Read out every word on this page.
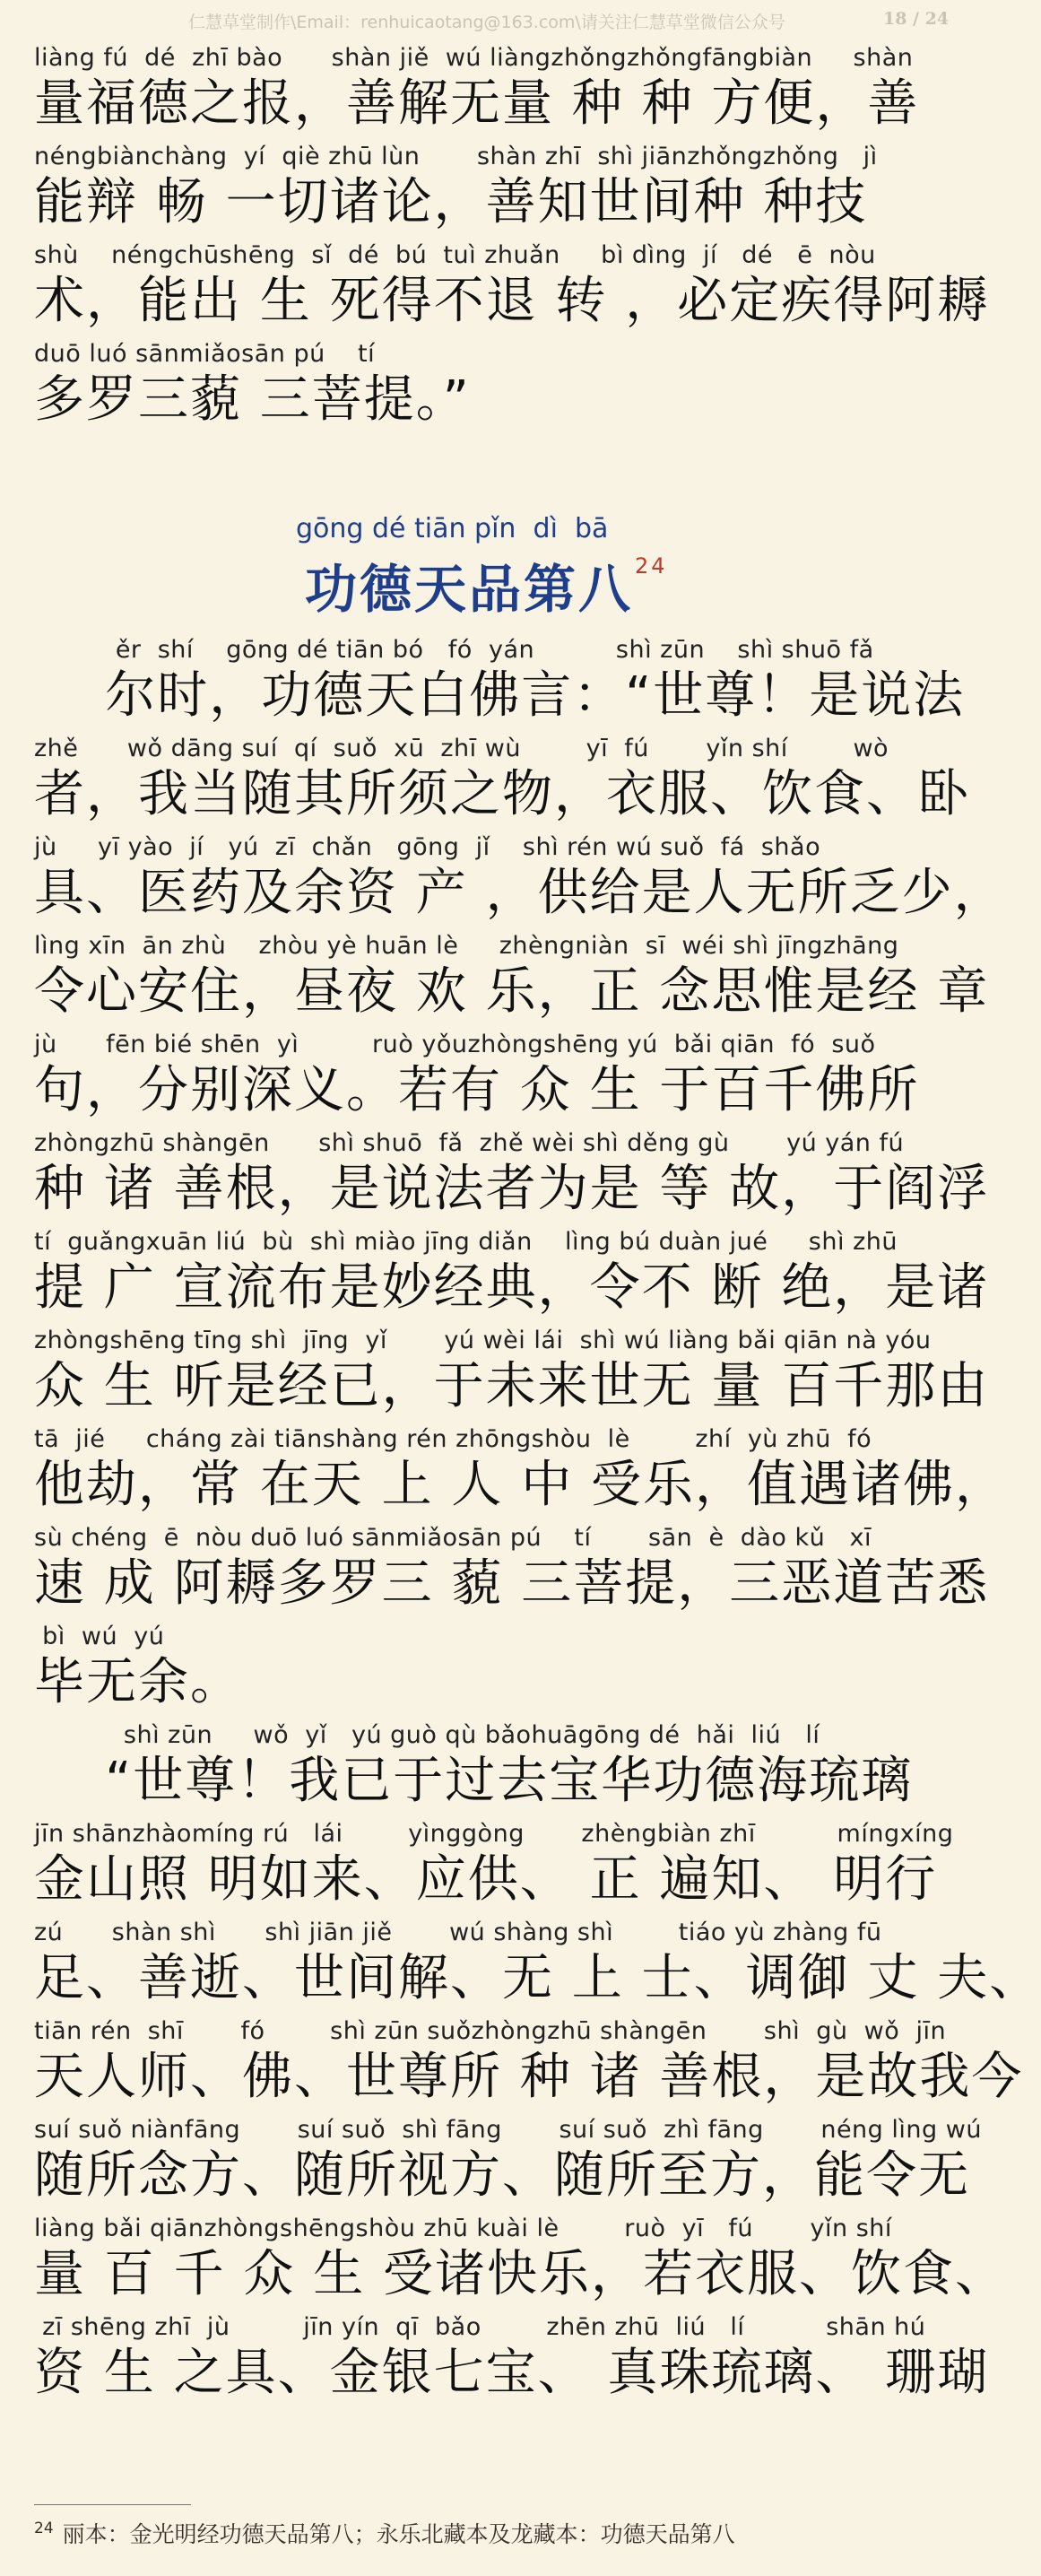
仁慧草堂制作\Email：renhuicaotang@163.com\请关注仁慧草堂微信公众号	18 / 24
liàng fú  dé  zhī bào      shàn jiě  wú liàngzhǒngzhǒngfāngbiàn     shàn
量福德之报，善解无量 种 种 方便，善
néngbiànchàng  yí  qiè zhū lùn       shàn zhī  shì jiānzhǒngzhǒng   jì
能辩 畅 一切诸论，善知世间种 种技
shù    néngchūshēng  sǐ  dé  bú  tuì zhuǎn     bì dìng  jí   dé   ē  nòu
术，能出 生 死得不退 转 ，必定疾得阿耨
duō luó sānmiǎosān pú    tí
多罗三藐 三菩提。”
gōng dé tiān pǐn  dì  bā
功德天品第八$^{24}$
ěr  shí    gōng dé tiān bó   fó  yán          shì zūn    shì shuō fǎ
尔时，功德天白佛言：“世尊！是说法
zhě      wǒ dāng suí  qí  suǒ  xū  zhī wù        yī  fú       yǐn shí        wò
者，我当随其所须之物，衣服、饮食、卧
jù     yī yào  jí   yú  zī  chǎn   gōng  jǐ    shì rén wú suǒ  fá  shǎo
具、医药及余资 产 ，供给是人无所乏少，
lìng xīn  ān zhù    zhòu yè huān lè     zhèngniàn  sī  wéi shì jīngzhāng
令心安住，昼夜 欢 乐，正 念思惟是经 章
jù      fēn bié shēn  yì         ruò yǒuzhòngshēng yú  bǎi qiān  fó  suǒ
句，分别深义。若有 众 生 于百千佛所
zhòngzhū shàngēn      shì shuō  fǎ  zhě wèi shì děng gù       yú yán fú
种 诸 善根，是说法者为是 等 故，于阎浮
tí  guǎngxuān liú  bù  shì miào jīng diǎn    lìng bú duàn jué     shì zhū
提 广 宣流布是妙经典，令不 断 绝，是诸
zhòngshēng tīng shì  jīng  yǐ       yú wèi lái  shì wú liàng bǎi qiān nà yóu
众 生 听是经已，于未来世无 量 百千那由
tā  jié     cháng zài tiānshàng rén zhōngshòu  lè        zhí  yù zhū  fó
他劫，常 在天 上 人 中 受乐，值遇诸佛，
sù chéng  ē  nòu duō luó sānmiǎosān pú    tí       sān  è  dào kǔ   xī
速 成 阿耨多罗三 藐 三菩提，三恶道苦悉
bì  wú  yú
毕无余。
shì zūn     wǒ  yǐ   yú guò qù bǎohuāgōng dé  hǎi  liú   lí
“世尊！我已于过去宝华功德海琉璃
jīn shānzhàomíng rú   lái        yìnggòng       zhèngbiàn zhī          míngxíng
金山照 明如来、应供、 正 遍知、 明行
zú      shàn shì      shì jiān jiě       wú shàng shì        tiáo yù zhàng fū
足、善逝、世间解、无 上 士、调御 丈 夫、
tiān rén  shī       fó        shì zūn suǒzhòngzhū shàngēn       shì  gù  wǒ  jīn
天人师、佛、世尊所 种 诸 善根，是故我今
suí suǒ niànfāng       suí suǒ  shì fāng       suí suǒ  zhì fāng       néng lìng wú
随所念方、随所视方、随所至方，能令无
liàng bǎi qiānzhòngshēngshòu zhū kuài lè        ruò  yī   fú       yǐn shí
量 百 千 众 生 受诸快乐，若衣服、饮食、
zī shēng zhī  jù         jīn yín  qī  bǎo        zhēn zhū  liú   lí          shān hú
资 生 之具、金银七宝、 真珠琉璃、 珊瑚
$^{24}$ 丽本：金光明经功德天品第八；永乐北藏本及龙藏本：功德天品第八
